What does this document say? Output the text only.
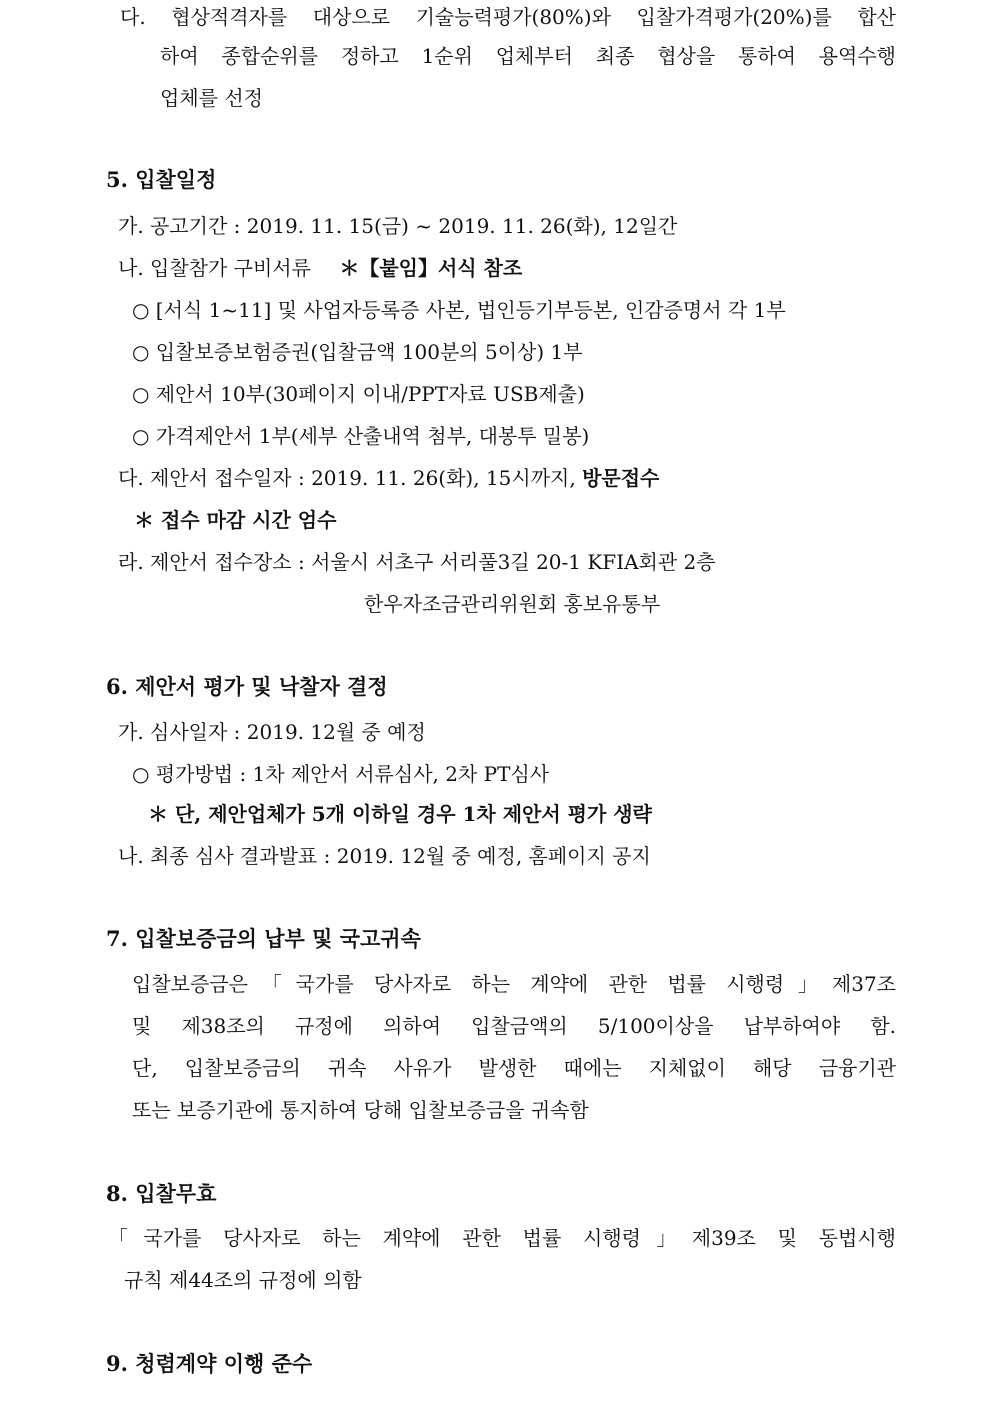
다. 협상적격자를 대상으로 기술능력평가(80%)와 입찰가격평가(20%)를 합산
하여 종합순위를 정하고 1순위 업체부터 최종 협상을 통하여 용역수행
업체를 선정
5. 입찰일정
가. 공고기간 : 2019. 11. 15(금) ~ 2019. 11. 26(화), 12일간
나. 입찰참가 구비서류 ＊【붙임】서식 참조
○ [서식 1~11] 및 사업자등록증 사본, 법인등기부등본, 인감증명서 각 1부
○ 입찰보증보험증권(입찰금액 100분의 5이상) 1부
○ 제안서 10부(30페이지 이내/PPT자료 USB제출)
○ 가격제안서 1부(세부 산출내역 첨부, 대봉투 밀봉)
다. 제안서 접수일자 : 2019. 11. 26(화), 15시까지, 방문접수
＊ 접수 마감 시간 엄수
라. 제안서 접수장소 : 서울시 서초구 서리풀3길 20-1 KFIA회관 2층
한우자조금관리위원회 홍보유통부
6. 제안서 평가 및 낙찰자 결정
가. 심사일자 : 2019. 12월 중 예정
○ 평가방법 : 1차 제안서 서류심사, 2차 PT심사
＊ 단, 제안업체가 5개 이하일 경우 1차 제안서 평가 생략
나. 최종 심사 결과발표 : 2019. 12월 중 예정, 홈페이지 공지
7. 입찰보증금의 납부 및 국고귀속
입찰보증금은「국가를 당사자로 하는 계약에 관한 법률 시행령」제37조
및 제38조의 규정에 의하여 입찰금액의 5/100이상을 납부하여야 함.
단, 입찰보증금의 귀속 사유가 발생한 때에는 지체없이 해당 금융기관
또는 보증기관에 통지하여 당해 입찰보증금을 귀속함
8. 입찰무효
「국가를 당사자로 하는 계약에 관한 법률 시행령」제39조 및 동법시행
규칙 제44조의 규정에 의함
9. 청렴계약 이행 준수
